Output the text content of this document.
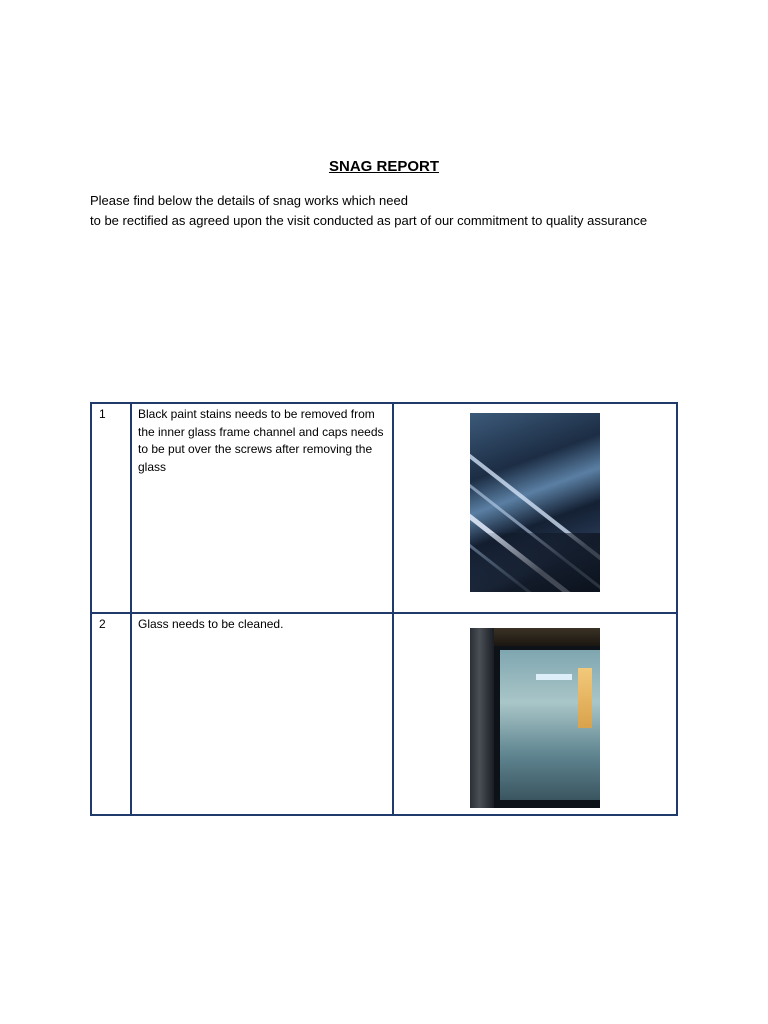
SNAG REPORT
Please find below the details of snag works which need
to be rectified as agreed upon the visit conducted as part of our commitment to quality assurance
1	Black paint stains needs to be removed from the inner glass frame channel and caps needs to be put over the screws after removing the glass	

2	Glass needs to be cleaned.	
